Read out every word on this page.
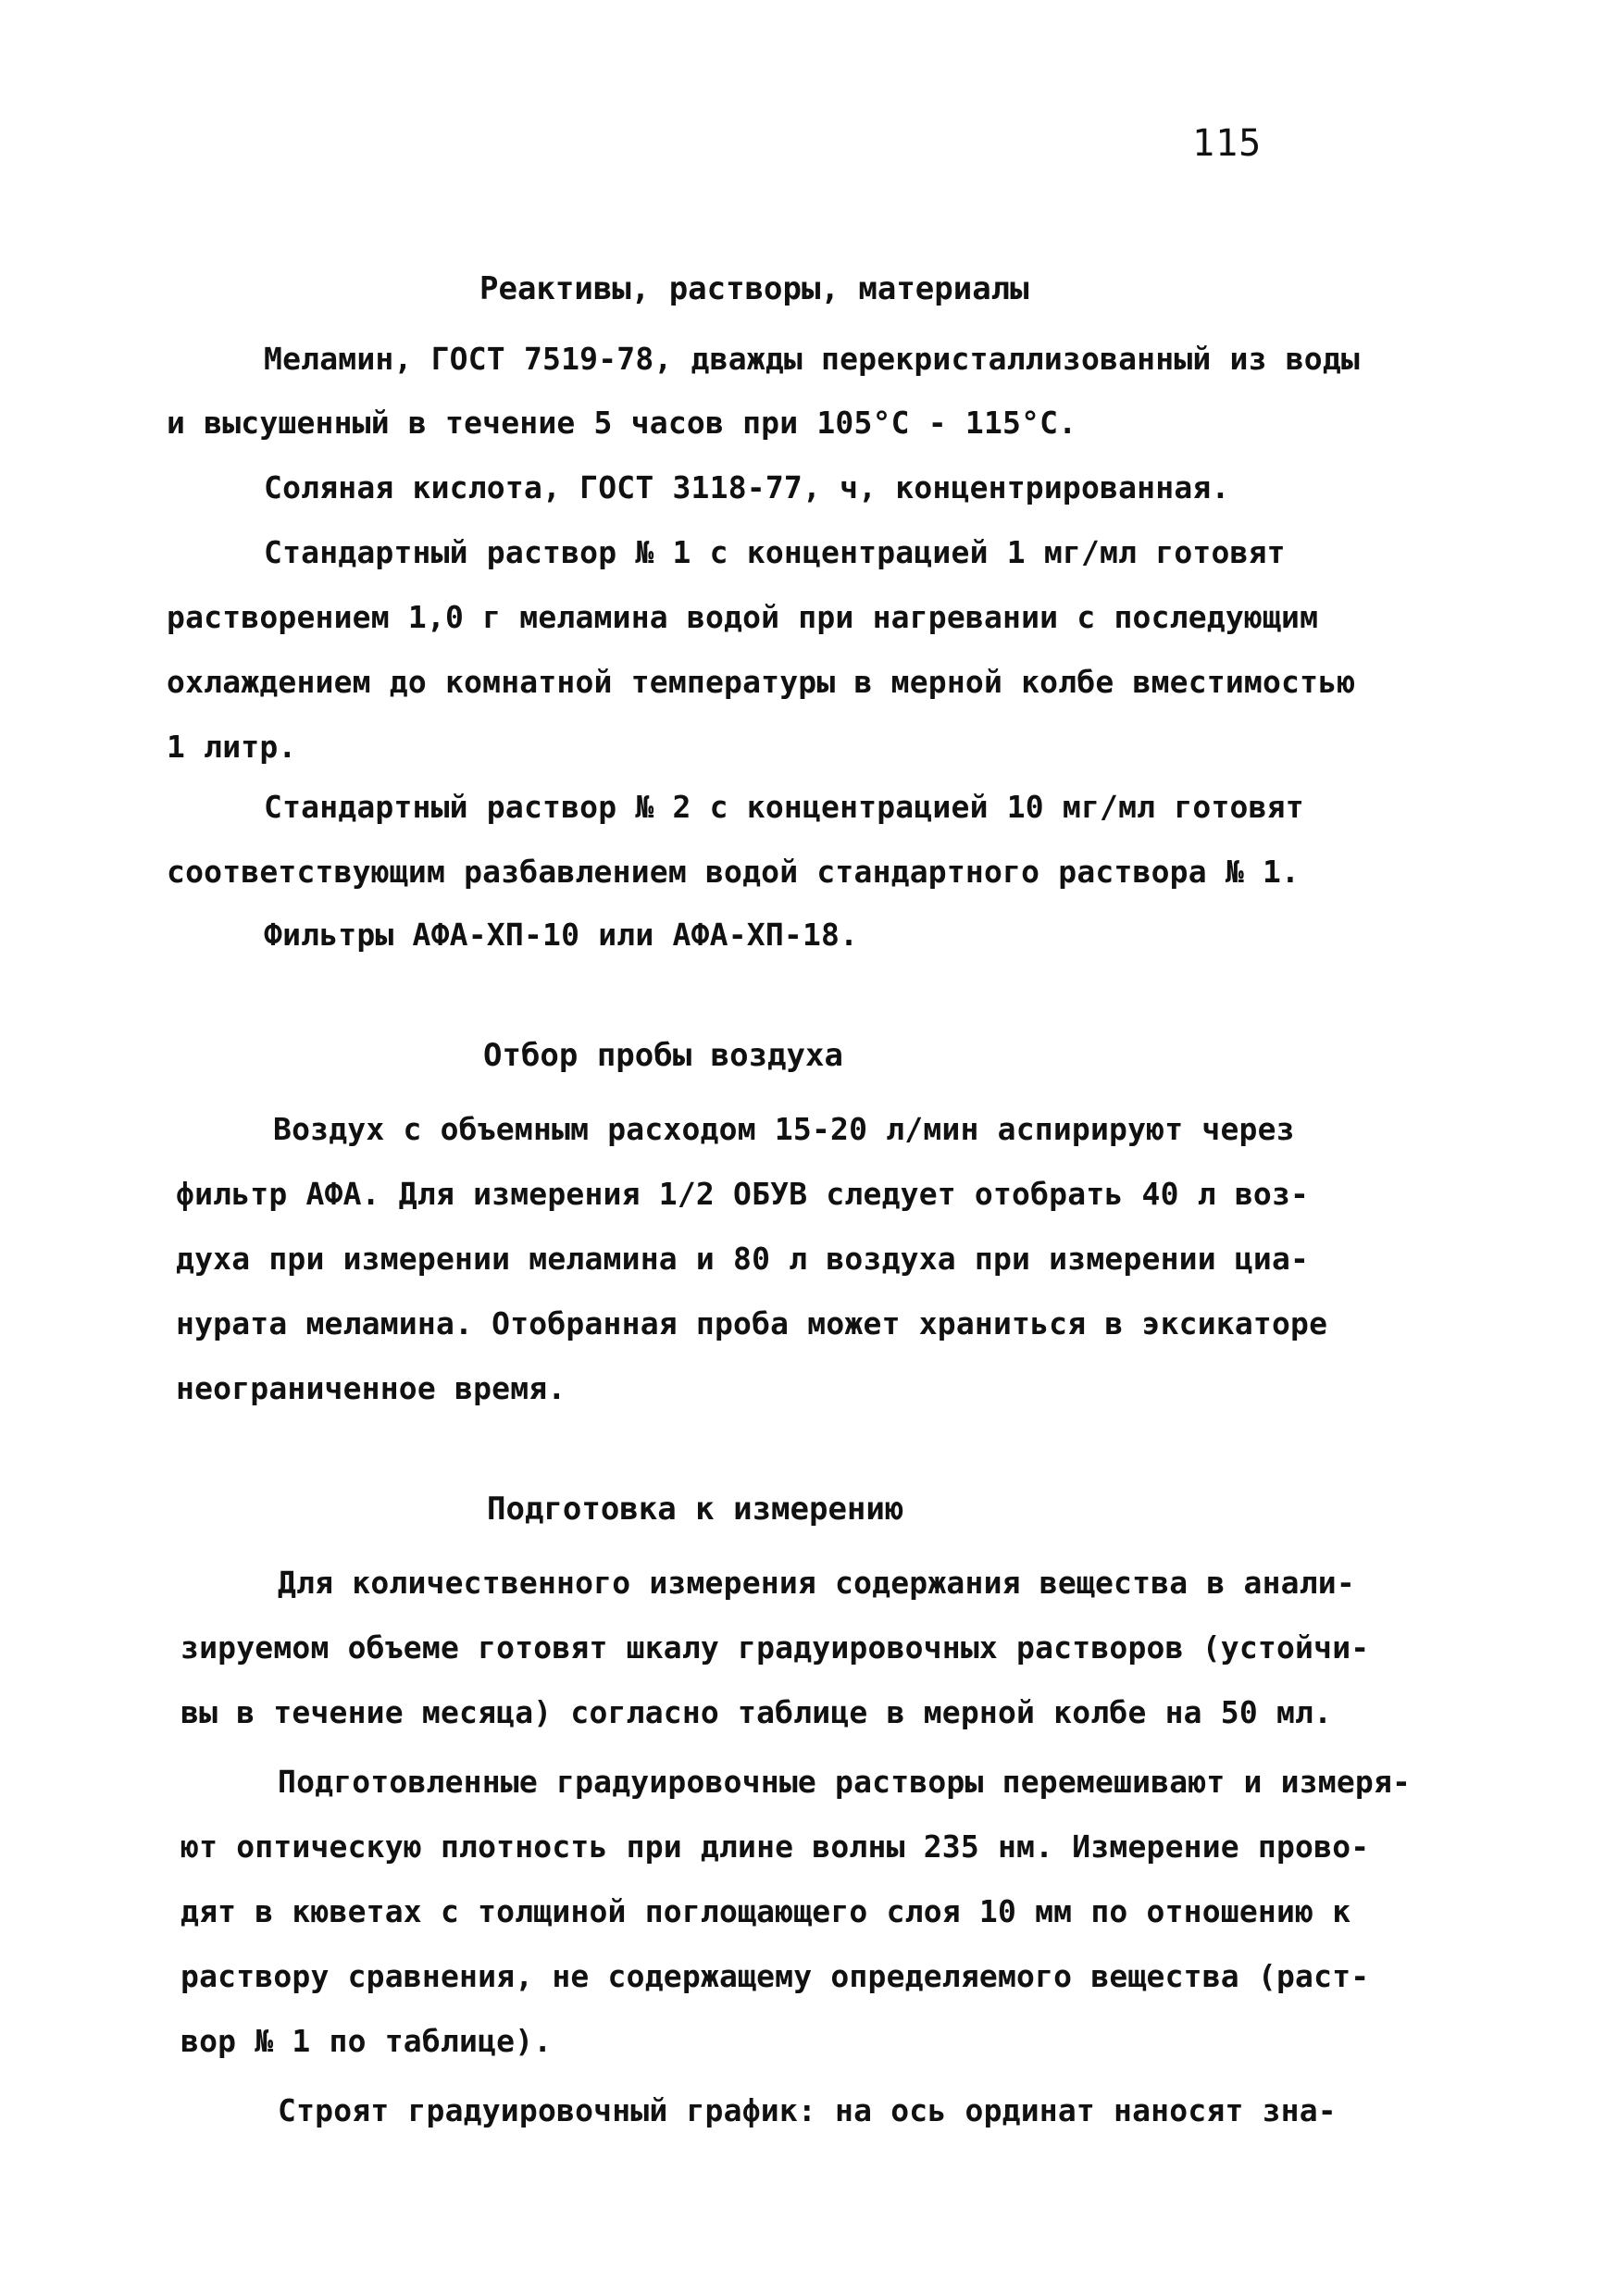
115
Реактивы, растворы, материалы
Меламин, ГОСТ 7519-78, дважды перекристаллизованный из воды
и высушенный в течение 5 часов при 105°С - 115°С.
Соляная кислота, ГОСТ 3118-77, ч, концентрированная.
Стандартный раствор № 1 с концентрацией 1 мг/мл готовят
растворением 1,0 г меламина водой при нагревании с последующим
охлаждением до комнатной температуры в мерной колбе вместимостью
1 литр.
Стандартный раствор № 2 с концентрацией 10 мг/мл готовят
соответствующим разбавлением водой стандартного раствора № 1.
Фильтры АФА-ХП-10 или АФА-ХП-18.
Отбор пробы воздуха
Воздух с объемным расходом 15-20 л/мин аспирируют через
фильтр АФА. Для измерения 1/2 ОБУВ следует отобрать 40 л воз-
духа при измерении меламина и 80 л воздуха при измерении циа-
нурата меламина. Отобранная проба может храниться в эксикаторе
неограниченное время.
Подготовка к измерению
Для количественного измерения содержания вещества в анали-
зируемом объеме готовят шкалу градуировочных растворов (устойчи-
вы в течение месяца) согласно таблице в мерной колбе на 50 мл.
Подготовленные градуировочные растворы перемешивают и измеря-
ют оптическую плотность при длине волны 235 нм. Измерение прово-
дят в кюветах с толщиной поглощающего слоя 10 мм по отношению к
раствору сравнения, не содержащему определяемого вещества (раст-
вор № 1 по таблице).
Строят градуировочный график: на ось ординат наносят зна-
